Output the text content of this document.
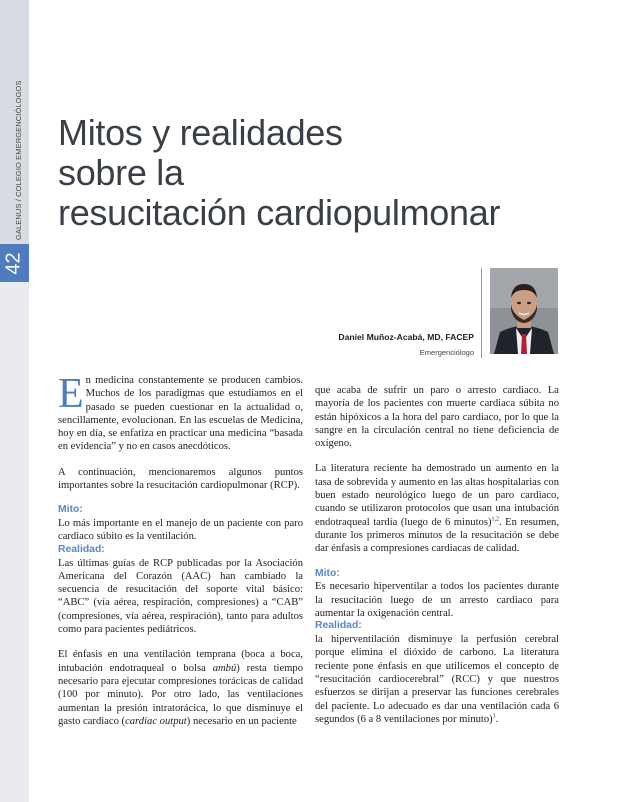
GALENUS / COLEGIO EMERGENCIÓLOGOS
42
Mitos y realidades
sobre la
resucitación cardiopulmonar
Daniel Muñoz-Acabá, MD, FACEP
Emergenciólogo

En medicina constantemente se producen cambios. Muchos de los paradigmas que estudiamos en el pasado se pueden cuestionar en la actualidad o, sencillamente, evolucionan. En las escuelas de Medicina, hoy en día, se enfatiza en practicar una medicina “basada en evidencia” y no en casos anecdóticos.

A continuación, mencionaremos algunos puntos importantes sobre la resucitación cardiopulmonar (RCP).

Mito:
Lo más importante en el manejo de un paciente con paro cardiaco súbito es la ventilación.

Realidad:
Las últimas guías de RCP publicadas por la Asociación Americana del Corazón (AAC) han cambiado la secuencia de resucitación del soporte vital básico: “ABC” (vía aérea, respiración, compresiones) a “CAB” (compresiones, vía aérea, respiración), tanto para adultos como para pacientes pediátricos.

El énfasis en una ventilación temprana (boca a boca, intubación endotraqueal o bolsa ambú) resta tiempo necesario para ejecutar compresiones torácicas de calidad (100 por minuto). Por otro lado, las ventilaciones aumentan la presión intratorácica, lo que disminuye el gasto cardiaco (cardiac output) necesario en un paciente

que acaba de sufrir un paro o arresto cardiaco. La mayoría de los pacientes con muerte cardiaca súbita no están hipóxicos a la hora del paro cardiaco, por lo que la sangre en la circulación central no tiene deficiencia de oxígeno.

La literatura reciente ha demostrado un aumento en la tasa de sobrevida y aumento en las altas hospitalarias con buen estado neurológico luego de un paro cardiaco, cuando se utilizaron protocolos que usan una intubación endotraqueal tardía (luego de 6 minutos)$^{1,2}$. En resumen, durante los primeros minutos de la resucitación se debe dar énfasis a compresiones cardiacas de calidad.

Mito:
Es necesario hiperventilar a todos los pacientes durante la resucitación luego de un arresto cardiaco para aumentar la oxigenación central.

Realidad:
la hiperventilación disminuye la perfusión cerebral porque elimina el dióxido de carbono. La literatura reciente pone énfasis en que utilicemos el concepto de “resucitación cardiocerebral” (RCC) y que nuestros esfuerzos se dirijan a preservar las funciones cerebrales del paciente. Lo adecuado es dar una ventilación cada 6 segundos (6 a 8 ventilaciones por minuto)$^1$.
